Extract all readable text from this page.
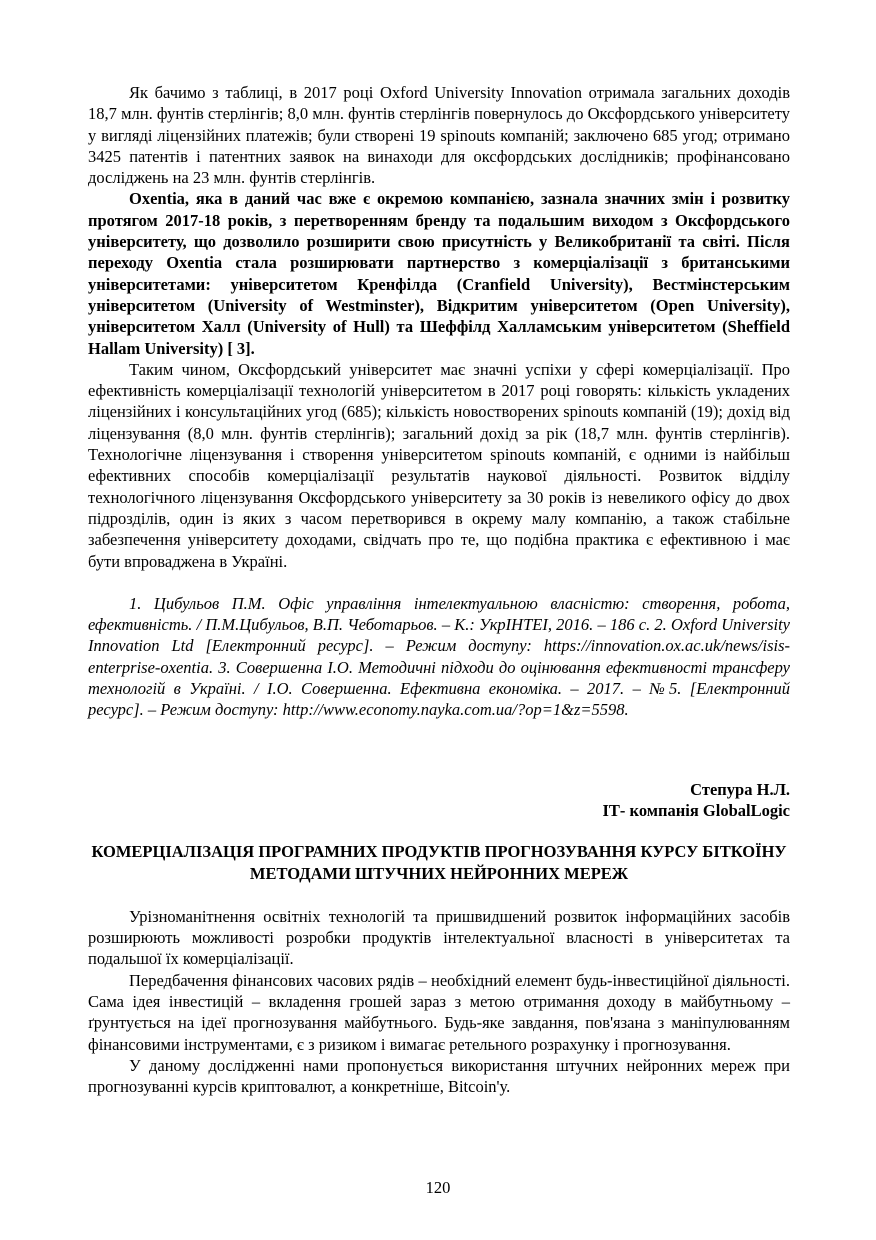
Як бачимо з таблиці, в 2017 році Oxford University Innovation отримала загальних доходів 18,7 млн. фунтів стерлінгів; 8,0 млн. фунтів стерлінгів повернулось до Оксфордського університету у вигляді ліцензійних платежів; були створені 19 spinouts компаній; заключено 685 угод; отримано 3425 патентів і патентних заявок на винаходи для оксфордських дослідників; профінансовано досліджень на 23 млн. фунтів стерлінгів.

Oxentia, яка в даний час вже є окремою компанією, зазнала значних змін і розвитку протягом 2017-18 років, з перетворенням бренду та подальшим виходом з Оксфордського університету, що дозволило розширити свою присутність у Великобританії та світі. Після переходу Oxentia стала розширювати партнерство з комерціалізації з британськими університетами: університетом Кренфілда (Cranfield University), Вестмінстерським університетом (University of Westminster), Відкритим університетом (Open University), університетом Халл (University of Hull) та Шеффілд Халламським університетом (Sheffield Hallam University) [ 3].

Таким чином, Оксфордський університет має значні успіхи у сфері комерціалізації. Про ефективність комерціалізації технологій університетом в 2017 році говорять: кількість укладених ліцензійних і консультаційних угод (685); кількість новостворених spinouts компаній (19); дохід від ліцензування (8,0 млн. фунтів стерлінгів); загальний дохід за рік (18,7 млн. фунтів стерлінгів). Технологічне ліцензування і створення університетом spinouts компаній, є одними із найбільш ефективних способів комерціалізації результатів наукової діяльності. Розвиток відділу технологічного ліцензування Оксфордського університету за 30 років із невеликого офісу до двох підрозділів, один із яких з часом перетворився в окрему малу компанію, а також стабільне забезпечення університету доходами, свідчать про те, що подібна практика є ефективною і має бути впроваджена в Україні.

1. Цибульов П.М. Офіс управління інтелектуальною власністю: створення, робота, ефективність. / П.М.Цибульов, В.П. Чеботарьов. – К.: УкрІНТЕІ, 2016. – 186 с. 2. Oxford University Innovation Ltd [Електронний ресурс]. – Режим доступу: https://innovation.ox.ac.uk/news/isis-enterprise-oxentia. 3. Совершенна І.О. Методичні підходи до оцінювання ефективності трансферу технологій в Україні. / І.О. Совершенна. Ефективна економіка. – 2017. – №5. [Електронний ресурс]. – Режим доступу: http://www.economy.nayka.com.ua/?op=1&z=5598.

Степура Н.Л.

ІТ- компанія GlobalLogic

КОМЕРЦІАЛІЗАЦІЯ ПРОГРАМНИХ ПРОДУКТІВ ПРОГНОЗУВАННЯ КУРСУ БІТКОЇНУ МЕТОДАМИ ШТУЧНИХ НЕЙРОННИХ МЕРЕЖ

Урізноманітнення освітніх технологій та пришвидшений розвиток інформаційних засобів розширюють можливості розробки продуктів інтелектуальної власності в університетах та подальшої їх комерціалізації.

Передбачення фінансових часових рядів – необхідний елемент будь-інвестиційної діяльності. Сама ідея інвестицій – вкладення грошей зараз з метою отримання доходу в майбутньому – ґрунтується на ідеї прогнозування майбутнього. Будь-яке завдання, пов'язана з маніпулюванням фінансовими інструментами, є з ризиком і вимагає ретельного розрахунку і прогнозування.

У даному дослідженні нами пропонується використання штучних нейронних мереж при прогнозуванні курсів криптовалют, а конкретніше, Bitcoin'у.

120
